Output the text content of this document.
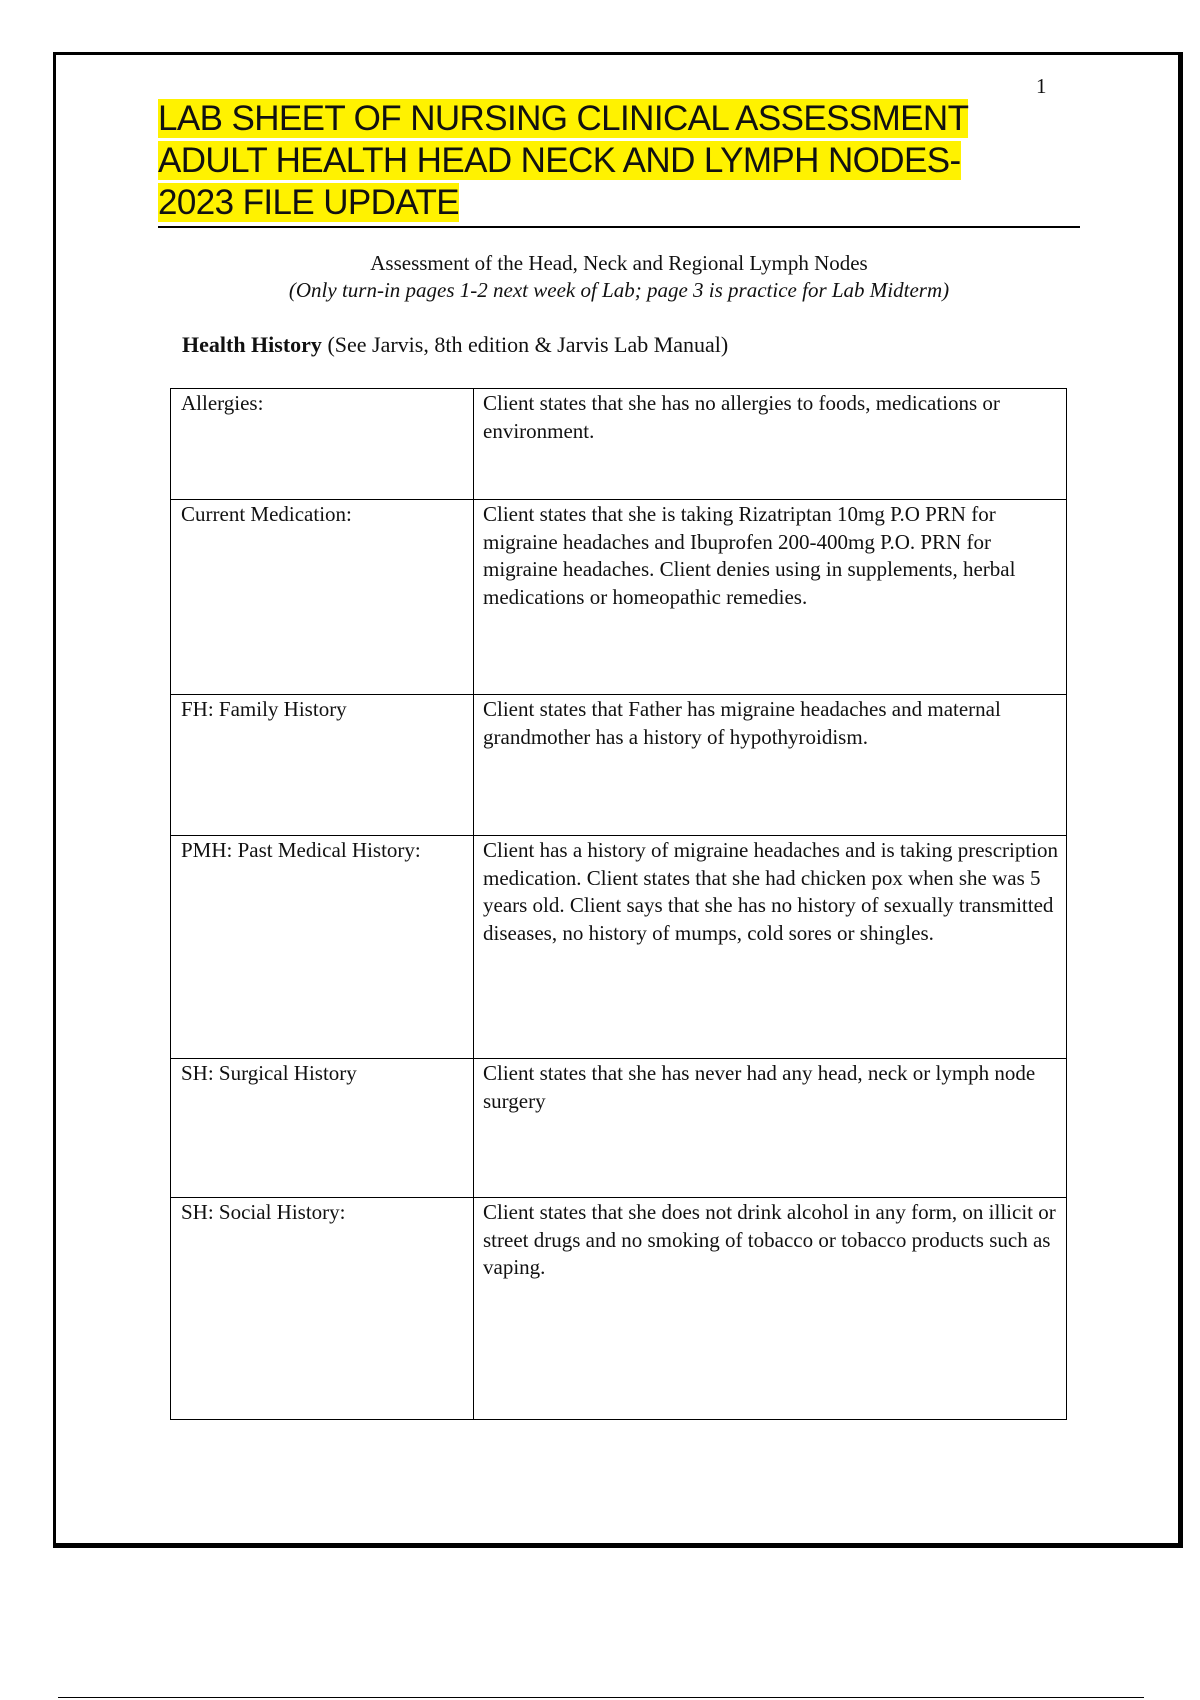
1
LAB SHEET OF NURSING CLINICAL ASSESSMENT
ADULT HEALTH HEAD NECK AND LYMPH NODES-
2023 FILE UPDATE
Assessment of the Head, Neck and Regional Lymph Nodes
(Only turn-in pages 1-2 next week of Lab; page 3 is practice for Lab Midterm)
Health History (See Jarvis, 8th edition & Jarvis Lab Manual)
Allergies:	Client states that she has no allergies to foods, medications or environment.
Current Medication:	Client states that she is taking Rizatriptan 10mg P.O PRN for migraine headaches and Ibuprofen 200-400mg P.O. PRN for migraine headaches. Client denies using in supplements, herbal medications or homeopathic remedies.
FH: Family History	Client states that Father has migraine headaches and maternal grandmother has a history of hypothyroidism.
PMH: Past Medical History:	Client has a history of migraine headaches and is taking prescription medication. Client states that she had chicken pox when she was 5 years old. Client says that she has no history of sexually transmitted diseases, no history of mumps, cold sores or shingles.
SH: Surgical History	Client states that she has never had any head, neck or lymph node surgery
SH: Social History:	Client states that she does not drink alcohol in any form, on illicit or street drugs and no smoking of tobacco or tobacco products such as vaping.
